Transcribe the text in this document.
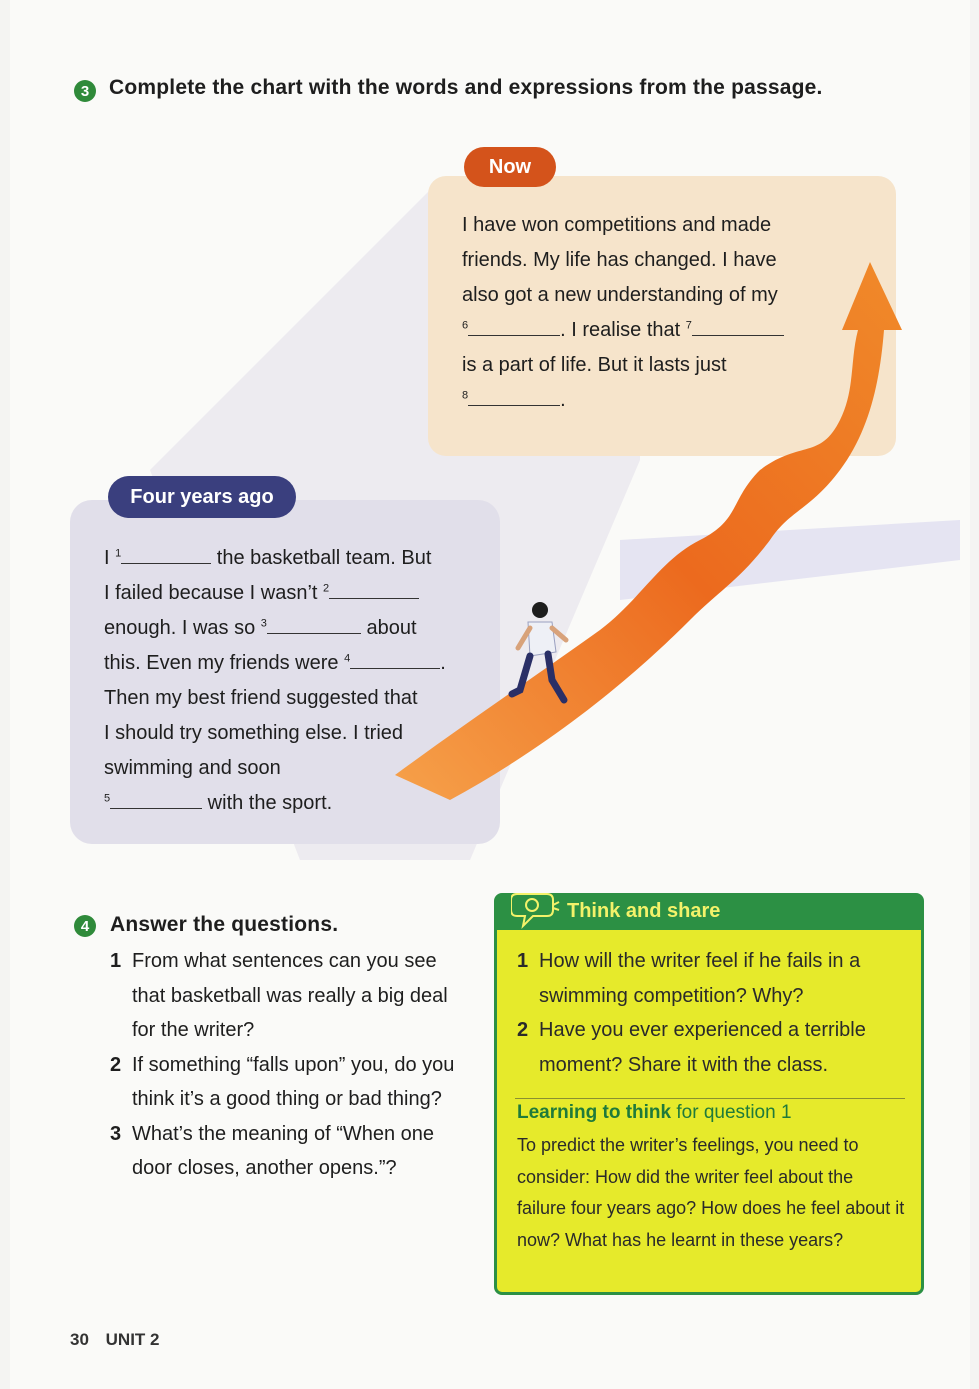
3 Complete the chart with the words and expressions from the passage.
Now
I have won competitions and made
friends. My life has changed. I have
also got a new understanding of my
$^6$	. I realise that $^7$
is a part of life. But it lasts just
$^8$	.
Four years ago
I $^1$	the basketball team. But
I failed because I wasn’t $^2$
enough. I was so $^3$	about
this. Even my friends were $^4$	.
Then my best friend suggested that
I should try something else. I tried
swimming and soon
$^5$	with the sport.
4 Answer the questions.
1 From what sentences can you see that basketball was really a big deal for the writer?
2 If something “falls upon” you, do you think it’s a good thing or bad thing?
3 What’s the meaning of “When one door closes, another opens.”?
Think and share
1 How will the writer feel if he fails in a swimming competition? Why?
2 Have you ever experienced a terrible moment? Share it with the class.
Learning to think for question 1
To predict the writer’s feelings, you need to consider: How did the writer feel about the failure four years ago? How does he feel about it now? What has he learnt in these years?
30 UNIT 2
